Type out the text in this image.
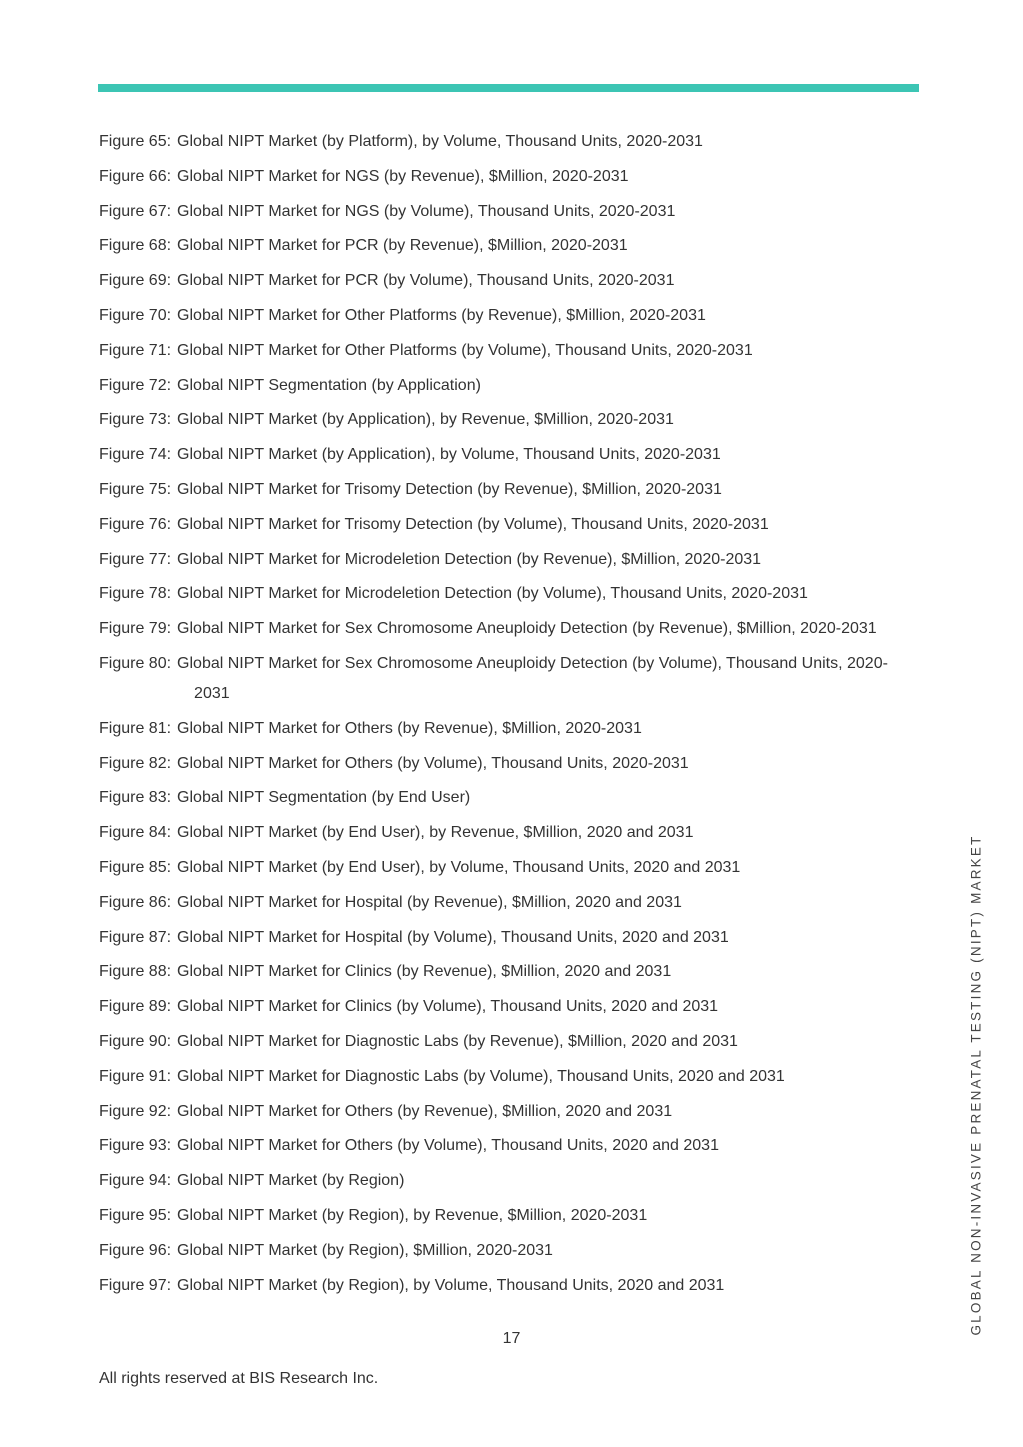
Figure 65: Global NIPT Market (by Platform), by Volume, Thousand Units, 2020-2031
Figure 66: Global NIPT Market for NGS (by Revenue), $Million, 2020-2031
Figure 67: Global NIPT Market for NGS (by Volume), Thousand Units, 2020-2031
Figure 68: Global NIPT Market for PCR (by Revenue), $Million, 2020-2031
Figure 69: Global NIPT Market for PCR (by Volume), Thousand Units, 2020-2031
Figure 70: Global NIPT Market for Other Platforms (by Revenue), $Million, 2020-2031
Figure 71: Global NIPT Market for Other Platforms (by Volume), Thousand Units, 2020-2031
Figure 72: Global NIPT Segmentation (by Application)
Figure 73: Global NIPT Market (by Application), by Revenue, $Million, 2020-2031
Figure 74: Global NIPT Market (by Application), by Volume, Thousand Units, 2020-2031
Figure 75: Global NIPT Market for Trisomy Detection (by Revenue), $Million, 2020-2031
Figure 76: Global NIPT Market for Trisomy Detection (by Volume), Thousand Units, 2020-2031
Figure 77: Global NIPT Market for Microdeletion Detection (by Revenue), $Million, 2020-2031
Figure 78: Global NIPT Market for Microdeletion Detection (by Volume), Thousand Units, 2020-2031
Figure 79: Global NIPT Market for Sex Chromosome Aneuploidy Detection (by Revenue), $Million, 2020-2031
Figure 80: Global NIPT Market for Sex Chromosome Aneuploidy Detection (by Volume), Thousand Units, 2020-2031
Figure 81: Global NIPT Market for Others (by Revenue), $Million, 2020-2031
Figure 82: Global NIPT Market for Others (by Volume), Thousand Units, 2020-2031
Figure 83: Global NIPT Segmentation (by End User)
Figure 84: Global NIPT Market (by End User), by Revenue, $Million, 2020 and 2031
Figure 85: Global NIPT Market (by End User), by Volume, Thousand Units, 2020 and 2031
Figure 86: Global NIPT Market for Hospital (by Revenue), $Million, 2020 and 2031
Figure 87: Global NIPT Market for Hospital (by Volume), Thousand Units, 2020 and 2031
Figure 88: Global NIPT Market for Clinics (by Revenue), $Million, 2020 and 2031
Figure 89: Global NIPT Market for Clinics (by Volume), Thousand Units, 2020 and 2031
Figure 90: Global NIPT Market for Diagnostic Labs (by Revenue), $Million, 2020 and 2031
Figure 91: Global NIPT Market for Diagnostic Labs (by Volume), Thousand Units, 2020 and 2031
Figure 92: Global NIPT Market for Others (by Revenue), $Million, 2020 and 2031
Figure 93: Global NIPT Market for Others (by Volume), Thousand Units, 2020 and 2031
Figure 94: Global NIPT Market (by Region)
Figure 95: Global NIPT Market (by Region), by Revenue, $Million, 2020-2031
Figure 96: Global NIPT Market (by Region), $Million, 2020-2031
Figure 97: Global NIPT Market (by Region), by Volume, Thousand Units, 2020 and 2031
17
All rights reserved at BIS Research Inc.
GLOBAL NON-INVASIVE PRENATAL TESTING (NIPT) MARKET
